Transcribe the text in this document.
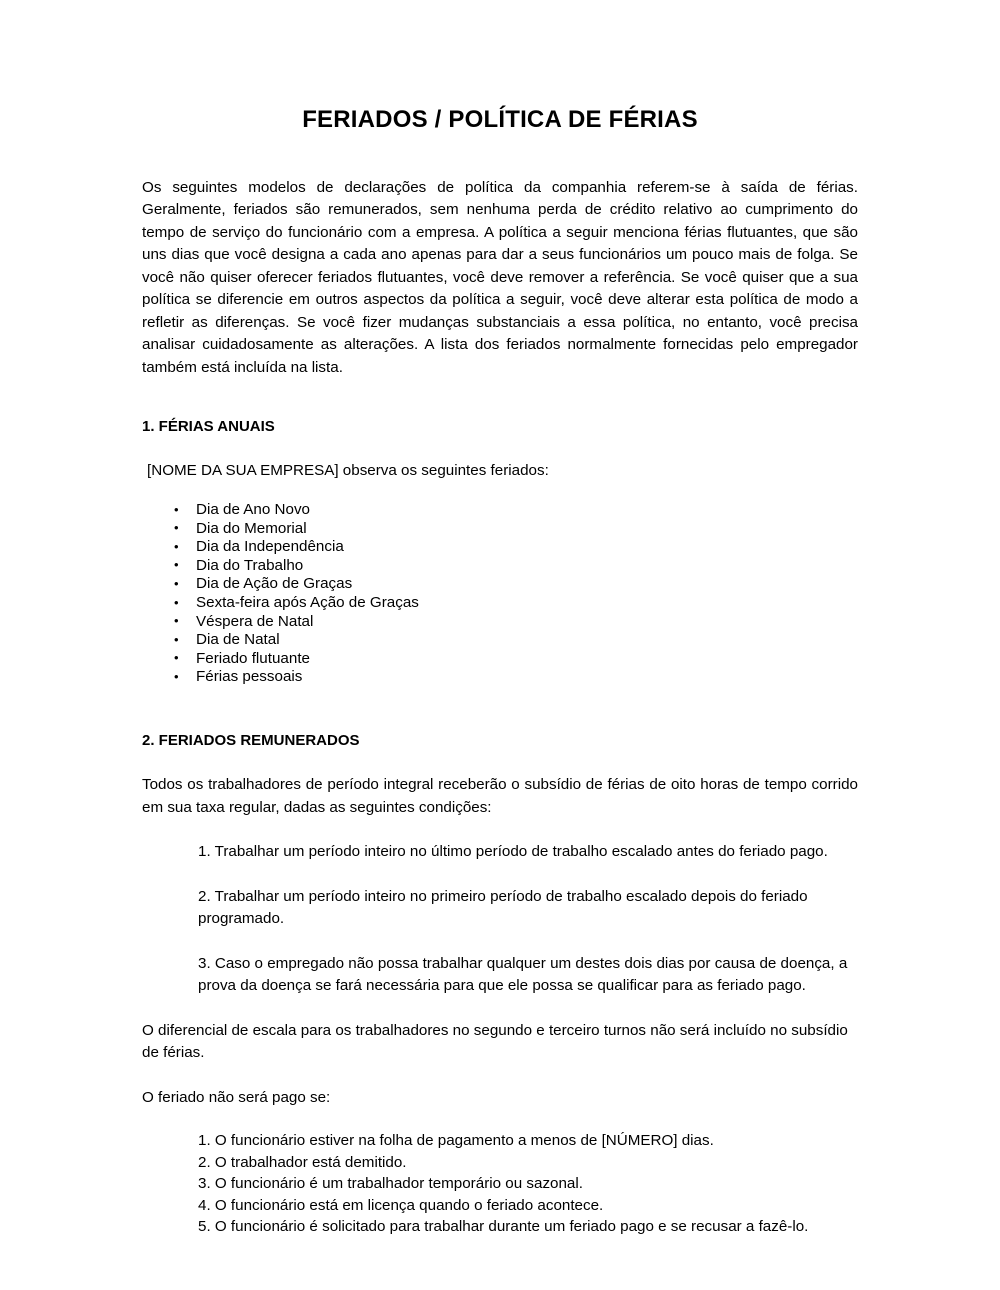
FERIADOS / POLÍTICA DE FÉRIAS

Os seguintes modelos de declarações de política da companhia referem-se à saída de férias. Geralmente, feriados são remunerados, sem nenhuma perda de crédito relativo ao cumprimento do tempo de serviço do funcionário com a empresa. A política a seguir menciona férias flutuantes, que são uns dias que você designa a cada ano apenas para dar a seus funcionários um pouco mais de folga. Se você não quiser oferecer feriados flutuantes, você deve remover a referência. Se você quiser que a sua política se diferencie em outros aspectos da política a seguir, você deve alterar esta política de modo a refletir as diferenças. Se você fizer mudanças substanciais a essa política, no entanto, você precisa analisar cuidadosamente as alterações. A lista dos feriados normalmente fornecidas pelo empregador também está incluída na lista.

1. FÉRIAS ANUAIS

[NOME DA SUA EMPRESA] observa os seguintes feriados:

• Dia de Ano Novo
• Dia do Memorial
• Dia da Independência
• Dia do Trabalho
• Dia de Ação de Graças
• Sexta-feira após Ação de Graças
• Véspera de Natal
• Dia de Natal
• Feriado flutuante
• Férias pessoais
2. FERIADOS REMUNERADOS

Todos os trabalhadores de período integral receberão o subsídio de férias de oito horas de tempo corrido em sua taxa regular, dadas as seguintes condições:

1. Trabalhar um período inteiro no último período de trabalho escalado antes do feriado pago.

2. Trabalhar um período inteiro no primeiro período de trabalho escalado depois do feriado programado.

3. Caso o empregado não possa trabalhar qualquer um destes dois dias por causa de doença, a prova da doença se fará necessária para que ele possa se qualificar para as feriado pago.

O diferencial de escala para os trabalhadores no segundo e terceiro turnos não será incluído no subsídio de férias.

O feriado não será pago se:

1. O funcionário estiver na folha de pagamento a menos de [NÚMERO] dias.
2. O trabalhador está demitido.
3. O funcionário é um trabalhador temporário ou sazonal.
4. O funcionário está em licença quando o feriado acontece.
5. O funcionário é solicitado para trabalhar durante um feriado pago e se recusar a fazê-lo.
